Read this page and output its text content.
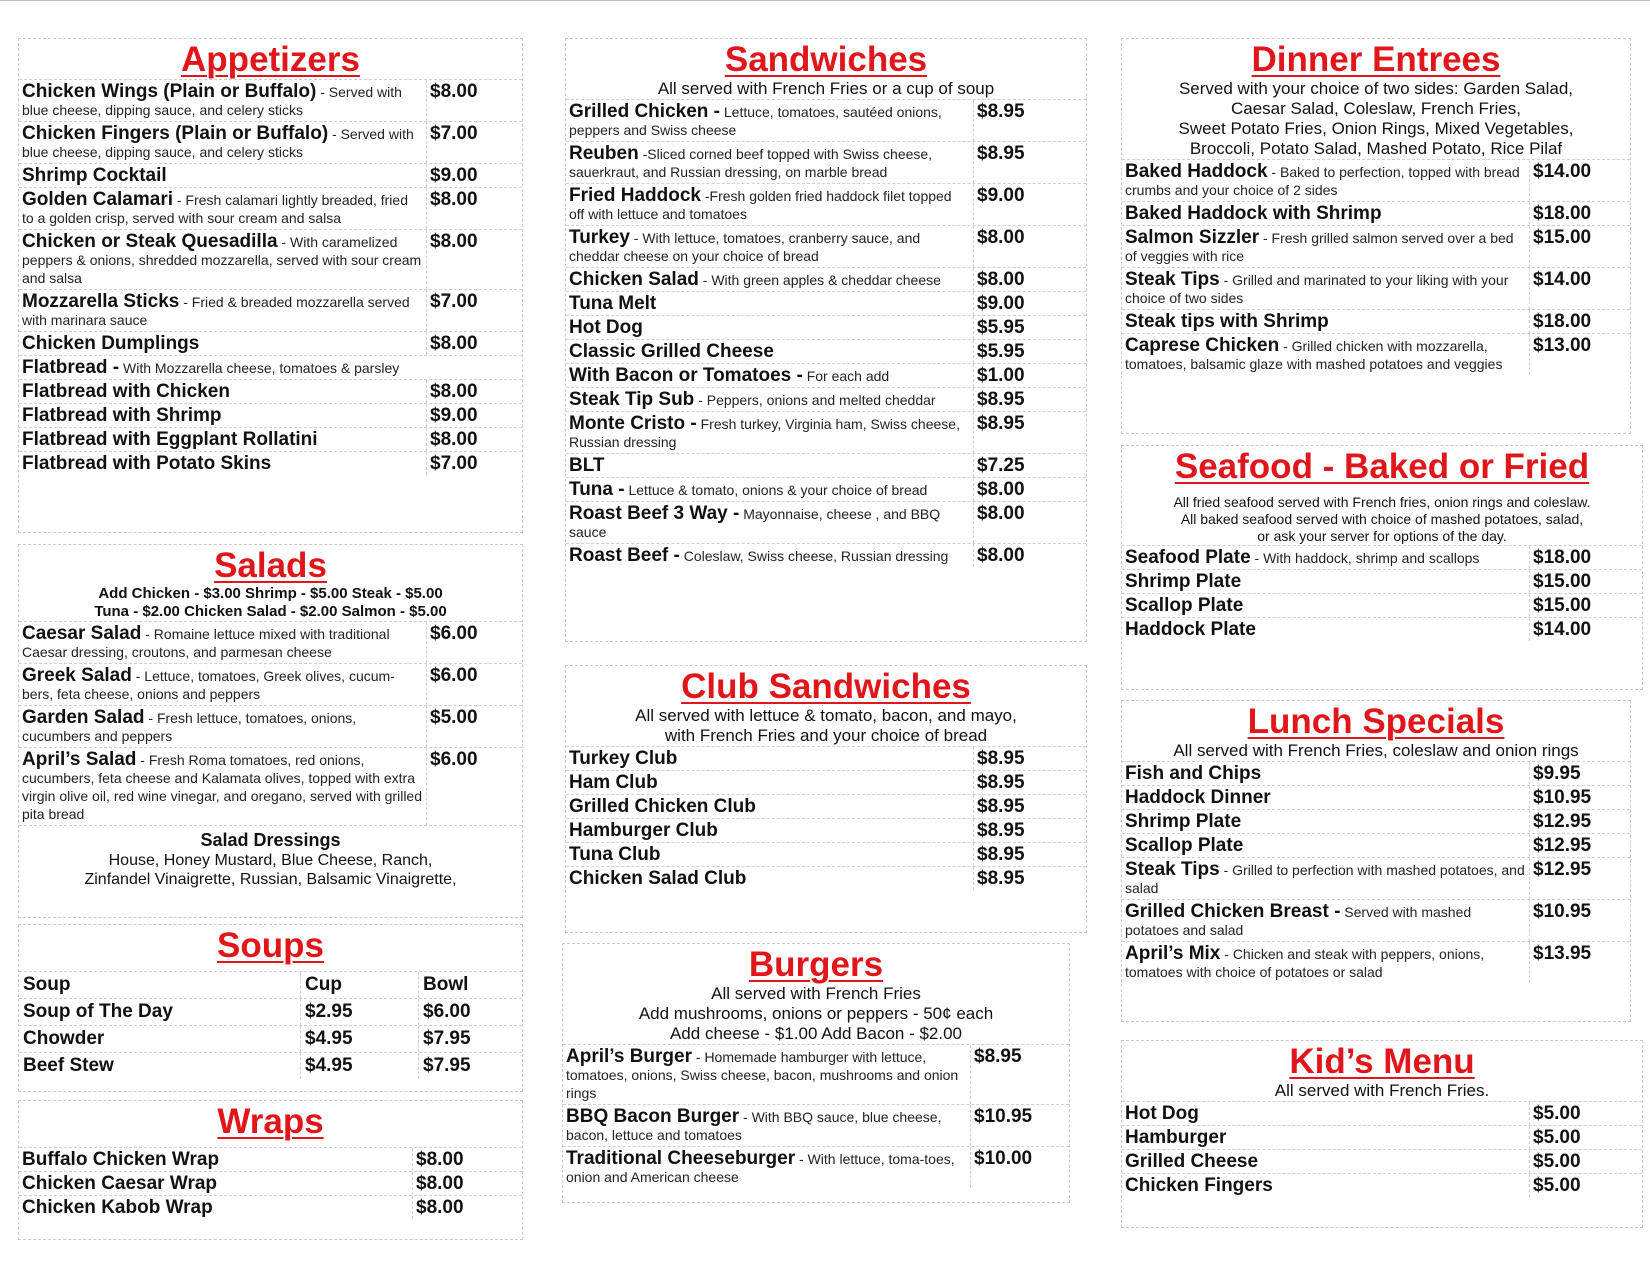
Appetizers
Chicken Wings (Plain or Buffalo) - Served with blue cheese, dipping sauce, and celery sticks
$8.00
Chicken Fingers (Plain or Buffalo) - Served with blue cheese, dipping sauce, and celery sticks
$7.00
Shrimp Cocktail	$9.00
Golden Calamari - Fresh calamari lightly breaded, fried to a golden crisp, served with sour cream and salsa
$8.00
Chicken or Steak Quesadilla - With caramelized peppers & onions, shredded mozzarella, served with sour cream and salsa
$8.00
Mozzarella Sticks - Fried & breaded mozzarella served with marinara sauce
$7.00
Chicken Dumplings	$8.00
Flatbread - With Mozzarella cheese, tomatoes & parsley
Flatbread with Chicken	$8.00
Flatbread with Shrimp	$9.00
Flatbread with Eggplant Rollatini	$8.00
Flatbread with Potato Skins	$7.00
Salads
Add Chicken - $3.00 Shrimp - $5.00 Steak - $5.00
Tuna - $2.00 Chicken Salad - $2.00 Salmon - $5.00
Caesar Salad - Romaine lettuce mixed with traditional Caesar dressing, croutons, and parmesan cheese
$6.00
Greek Salad - Lettuce, tomatoes, Greek olives, cucum-bers, feta cheese, onions and peppers
$6.00
Garden Salad - Fresh lettuce, tomatoes, onions, cucumbers and peppers
$5.00
April’s Salad - Fresh Roma tomatoes, red onions, cucumbers, feta cheese and Kalamata olives, topped with extra virgin olive oil, red wine vinegar, and oregano, served with grilled pita bread
$6.00
Salad Dressings
House, Honey Mustard, Blue Cheese, Ranch,
Zinfandel Vinaigrette, Russian, Balsamic Vinaigrette,
Soups
Soup	Cup	Bowl
Soup of The Day	$2.95	$6.00
Chowder	$4.95	$7.95
Beef Stew	$4.95	$7.95
Wraps
Buffalo Chicken Wrap	$8.00
Chicken Caesar Wrap	$8.00
Chicken Kabob Wrap	$8.00
Sandwiches
All served with French Fries or a cup of soup
Grilled Chicken - Lettuce, tomatoes, sautéed onions, peppers and Swiss cheese
$8.95
Reuben -Sliced corned beef topped with Swiss cheese, sauerkraut, and Russian dressing, on marble bread
$8.95
Fried Haddock -Fresh golden fried haddock filet topped off with lettuce and tomatoes
$9.00
Turkey - With lettuce, tomatoes, cranberry sauce, and cheddar cheese on your choice of bread
$8.00
Chicken Salad - With green apples & cheddar cheese	$8.00
Tuna Melt	$9.00
Hot Dog	$5.95
Classic Grilled Cheese	$5.95
With Bacon or Tomatoes - For each add	$1.00
Steak Tip Sub - Peppers, onions and melted cheddar	$8.95
Monte Cristo - Fresh turkey, Virginia ham, Swiss cheese, Russian dressing
$8.95
BLT	$7.25
Tuna - Lettuce & tomato, onions & your choice of bread	$8.00
Roast Beef 3 Way - Mayonnaise, cheese , and BBQ sauce
$8.00
Roast Beef - Coleslaw, Swiss cheese, Russian dressing	$8.00
Club Sandwiches
All served with lettuce & tomato, bacon, and mayo,
with French Fries and your choice of bread
Turkey Club	$8.95
Ham Club	$8.95
Grilled Chicken Club	$8.95
Hamburger Club	$8.95
Tuna Club	$8.95
Chicken Salad Club	$8.95
Burgers
All served with French Fries
Add mushrooms, onions or peppers - 50¢ each
Add cheese - $1.00 Add Bacon - $2.00
April’s Burger - Homemade hamburger with lettuce, tomatoes, onions, Swiss cheese, bacon, mushrooms and onion rings
$8.95
BBQ Bacon Burger - With BBQ sauce, blue cheese, bacon, lettuce and tomatoes
$10.95
Traditional Cheeseburger - With lettuce, toma-toes, onion and American cheese
$10.00
Dinner Entrees
Served with your choice of two sides: Garden Salad,
Caesar Salad, Coleslaw, French Fries,
Sweet Potato Fries, Onion Rings, Mixed Vegetables,
Broccoli, Potato Salad, Mashed Potato, Rice Pilaf
Baked Haddock - Baked to perfection, topped with bread crumbs and your choice of 2 sides
$14.00
Baked Haddock with Shrimp	$18.00
Salmon Sizzler - Fresh grilled salmon served over a bed of veggies with rice
$15.00
Steak Tips - Grilled and marinated to your liking with your choice of two sides
$14.00
Steak tips with Shrimp	$18.00
Caprese Chicken - Grilled chicken with mozzarella, tomatoes, balsamic glaze with mashed potatoes and veggies
$13.00
Seafood - Baked or Fried
All fried seafood served with French fries, onion rings and coleslaw.
All baked seafood served with choice of mashed potatoes, salad,
or ask your server for options of the day.
Seafood Plate - With haddock, shrimp and scallops	$18.00
Shrimp Plate	$15.00
Scallop Plate	$15.00
Haddock Plate	$14.00
Lunch Specials
All served with French Fries, coleslaw and onion rings
Fish and Chips	$9.95
Haddock Dinner	$10.95
Shrimp Plate	$12.95
Scallop Plate	$12.95
Steak Tips - Grilled to perfection with mashed potatoes, and salad
$12.95
Grilled Chicken Breast - Served with mashed potatoes and salad
$10.95
April’s Mix - Chicken and steak with peppers, onions, tomatoes with choice of potatoes or salad
$13.95
Kid’s Menu
All served with French Fries.
Hot Dog	$5.00
Hamburger	$5.00
Grilled Cheese	$5.00
Chicken Fingers	$5.00
